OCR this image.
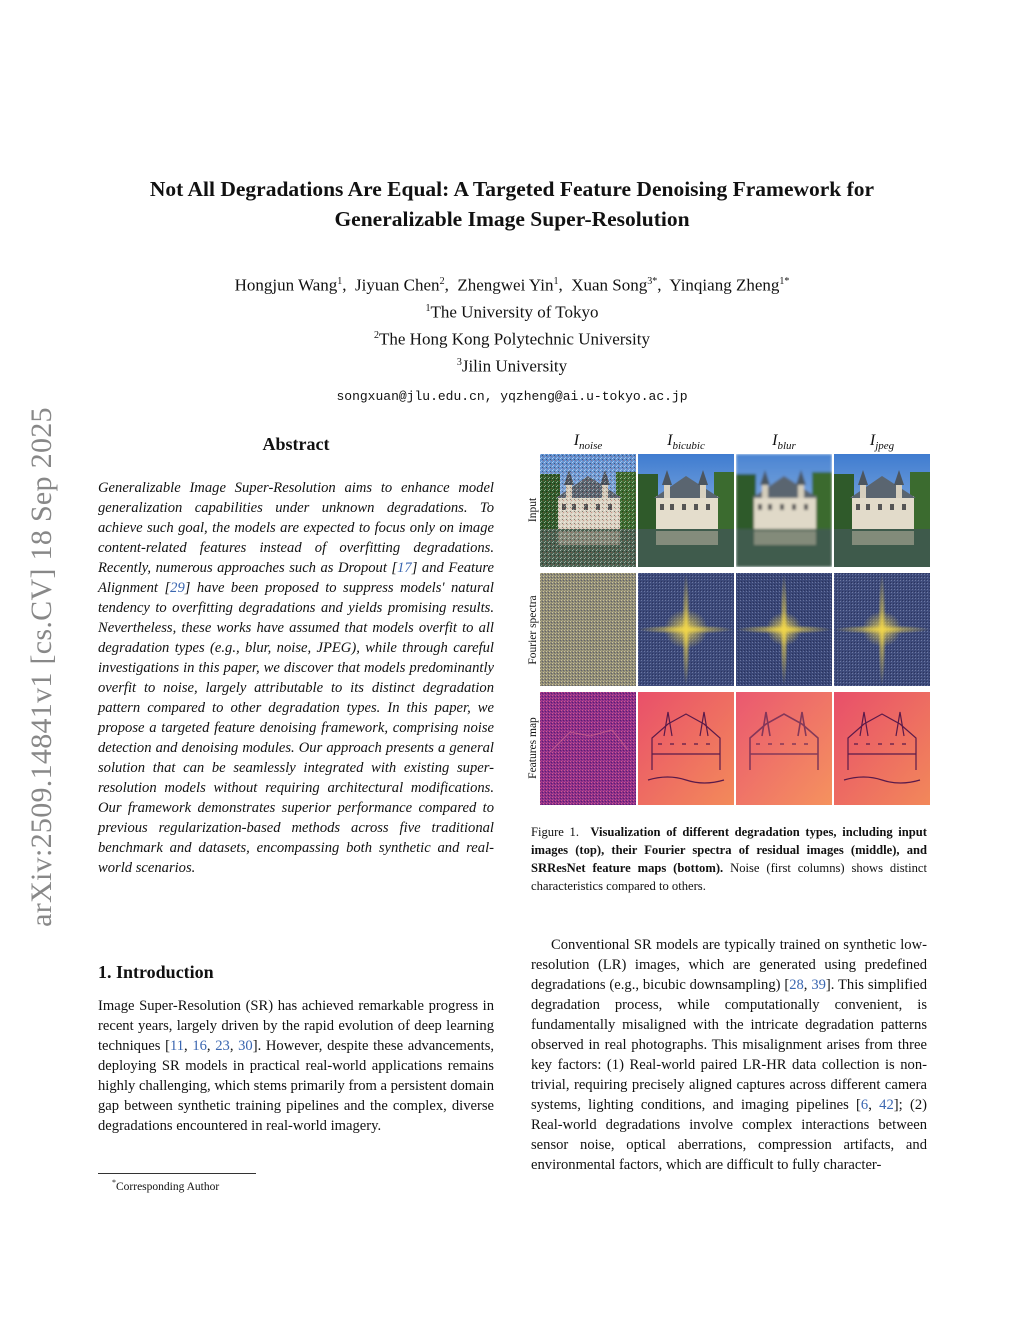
arXiv:2509.14841v1 [cs.CV] 18 Sep 2025
Not All Degradations Are Equal: A Targeted Feature Denoising Framework for
Generalizable Image Super-Resolution
Hongjun Wang$^1$,  Jiyuan Chen$^2$,  Zhengwei Yin$^1$,  Xuan Song$^{3*}$,  Yinqiang Zheng$^{1*}$
$^1$The University of Tokyo
$^2$The Hong Kong Polytechnic University
$^3$Jilin University
songxuan@jlu.edu.cn, yqzheng@ai.u-tokyo.ac.jp
Abstract
Generalizable Image Super-Resolution aims to enhance model generalization capabilities under unknown degradations. To achieve such goal, the models are expected to focus only on image content-related features instead of overfitting degradations. Recently, numerous approaches such as Dropout [17] and Feature Alignment [29] have been proposed to suppress models' natural tendency to overfitting degradations and yields promising results. Nevertheless, these works have assumed that models overfit to all degradation types (e.g., blur, noise, JPEG), while through careful investigations in this paper, we discover that models predominantly overfit to noise, largely attributable to its distinct degradation pattern compared to other degradation types. In this paper, we propose a targeted feature denoising framework, comprising noise detection and denoising modules. Our approach presents a general solution that can be seamlessly integrated with existing super-resolution models without requiring architectural modifications. Our framework demonstrates superior performance compared to previous regularization-based methods across five traditional benchmark and datasets, encompassing both synthetic and real-world scenarios.
1. Introduction
Image Super-Resolution (SR) has achieved remarkable progress in recent years, largely driven by the rapid evolution of deep learning techniques [11, 16, 23, 30]. However, despite these advancements, deploying SR models in practical real-world applications remains highly challenging, which stems primarily from a persistent domain gap between synthetic training pipelines and the complex, diverse degradations encountered in real-world imagery.
*Corresponding Author
$I_{noise}$	$I_{bicubic}$	$I_{blur}$	$I_{jpeg}$
Input
Fourier spectra
Features map
Figure 1. Visualization of different degradation types, including input images (top), their Fourier spectra of residual images (middle), and SRResNet feature maps (bottom). Noise (first columns) shows distinct characteristics compared to others.
Conventional SR models are typically trained on synthetic low-resolution (LR) images, which are generated using predefined degradations (e.g., bicubic downsampling) [28, 39]. This simplified degradation process, while computationally convenient, is fundamentally misaligned with the intricate degradation patterns observed in real photographs. This misalignment arises from three key factors: (1) Real-world paired LR-HR data collection is non-trivial, requiring precisely aligned captures across different camera systems, lighting conditions, and imaging pipelines [6, 42]; (2) Real-world degradations involve complex interactions between sensor noise, optical aberrations, compression artifacts, and environmental factors, which are difficult to fully character-
